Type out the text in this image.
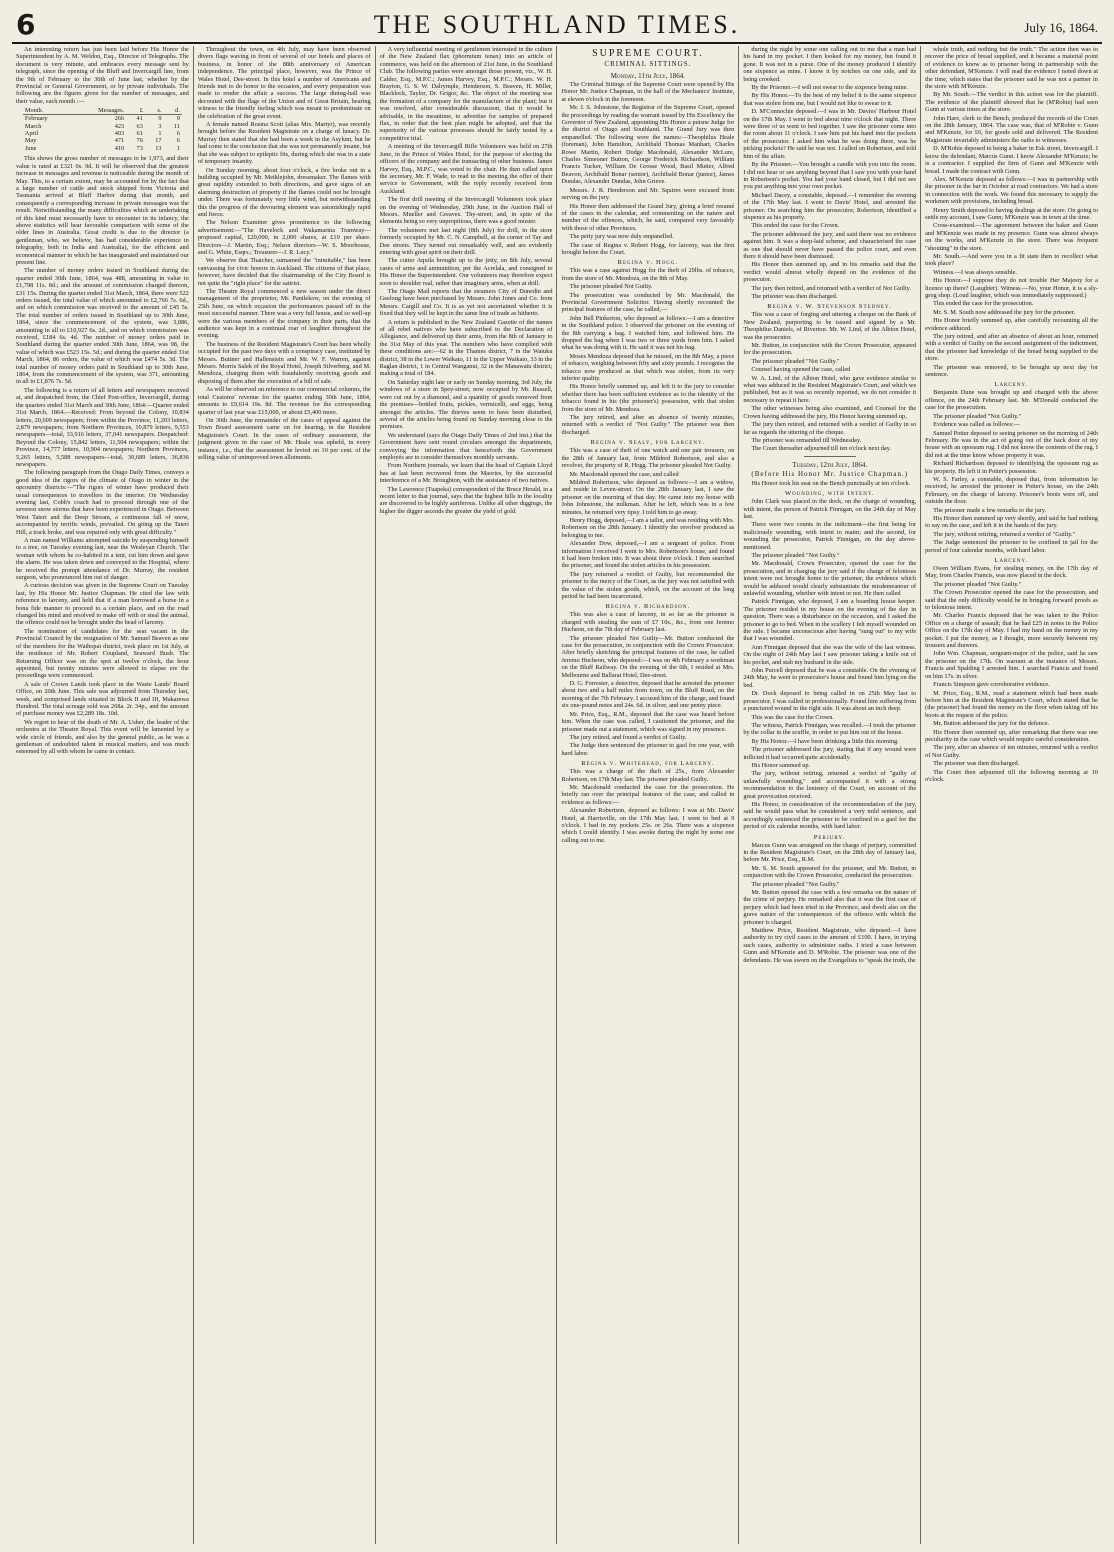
6	THE SOUTHLAND TIMES.	July 16, 1864.

An interesting return has just been laid before His Honor the Superintendent by A. M. Weldon, Esq., Director of Telegraphs. The document is very minute, and embraces every message sent by telegraph, since the opening of the Bluff and Invercargill line, from the 9th of February to the 30th of June last, whether by the Provincial or General Government, or by private individuals. The following are the figures given for the number of messages, and their value, each month :—

Month.	Messages.	£	s.	d.
February	266	41	9	9
March	423	63	3	11
April	403	61	1	6
May	471	76	17	6
June	410	73	13	1

This shows the gross number of messages to be 1,973, and their value is rated at £321 0s. 9d. It will be observed that the greatest increase in messages and revenue is noticeable during the month of May. This, to a certain extent, may be accounted for by the fact that a large number of cattle and stock shipped from Victoria and Tasmania arrived at Bluff Harbor during that month, and consequently a corresponding increase in private messages was the result. Notwithstanding the many difficulties which an undertaking of this kind must necessarily have to encounter in its infancy, the above statistics will bear favorable comparison with some of the older lines in Australia. Great credit is due to the director (a gentleman, who, we believe, has had considerable experience in telegraphy, both in India and Australia), for the efficient and economical manner in which he has inaugurated and maintained our present line.

The number of money orders issued in Southland during the quarter ended 30th June, 1864, was 488, amounting in value to £1,798 11s. 8d.; and the amount of commission charged thereon, £31 15s. During the quarter ended 31st March, 1864, there were 522 orders issued, the total value of which amounted to £2,766 7s. 6d., and on which commission was received to the amount of £45 5s. The total number of orders issued in Southland up to 30th June, 1864, since the commencement of the system, was 3,086, amounting in all to £10,927 6s. 2d., and on which commission was received, £184 6s. 4d. The number of money orders paid in Southland during the quarter ended 30th June, 1864, was 98, the value of which was £523 15s. 5d.; and during the quarter ended 31st March, 1864, 86 orders, the value of which was £474 5s. 3d. The total number of money orders paid in Southland up to 30th June, 1864, from the commencement of the system, was 371, amounting in all to £1,876 7s. 5d.

The following is a return of all letters and newspapers received at, and despatched from, the Chief Post-office, Invercargill, during the quarters ended 31st March and 30th June, 1864:—Quarter ended 31st March, 1864.—Received: From beyond the Colony, 10,834 letters, 20,609 newspapers; from within the Province, 11,203 letters, 2,879 newspapers; from Northern Provinces, 10,879 letters, 9,553 newspapers—total, 33,916 letters, 37,041 newspapers. Despatched: Beyond the Colony, 15,842 letters, 11,504 newspapers; within the Province, 14,777 letters, 10,904 newspapers; Northern Provinces, 5,265 letters, 5,588 newspapers—total, 30,689 letters, 36,836 newspapers.

The following paragraph from the Otago Daily Times, conveys a good idea of the rigors of the climate of Otago in winter in the upcountry districts:—"The rigors of winter have produced their usual consequences to travellers in the interior. On Wednesday evening last, Cobb's coach had to proceed through one of the severest snow storms that have been experienced in Otago. Between West Taieri and the Deep Stream, a continuous fall of snow, accompanied by terrific winds, prevailed. On going up the Taieri Hill, a track broke, and was repaired only with great difficulty."

A man named Williams attempted suicide by suspending himself to a tree, on Tuesday evening last, near the Wesleyan Church. The woman with whom he co-habited in a tent, cut him down and gave the alarm. He was taken down and conveyed to the Hospital, where he received the prompt attendance of Dr. Murray, the resident surgeon, who pronounced him out of danger.

A curious decision was given in the Supreme Court on Tuesday last, by His Honor Mr. Justice Chapman. He cited the law with reference to larceny, and held that if a man borrowed a horse in a bona fide manner to proceed to a certain place, and on the road changed his mind and resolved to make off with or steal the animal, the offence could not be brought under the head of larceny.

The nomination of candidates for the seat vacant in the Provincial Council by the resignation of Mr. Samuel Beaven as one of the members for the Waihopai district, took place on 1st July, at the residence of Mr. Robert Coupland, Seaward Bush. The Returning Officer was on the spot at twelve o'clock, the hour appointed, but twenty minutes were allowed to elapse ere the proceedings were commenced.

A sale of Crown Lands took place in the Waste Lands' Board Office, on 20th June. This sale was adjourned from Thursday last, week, and comprised lands situated in Block II and III, Makarewa Hundred. The total acreage sold was 268a. 2r. 34p., and the amount of purchase money was £2,289 18s. 10d.

We regret to hear of the death of Mr. A. Usher, the leader of the orchestra at the Theatre Royal. This event will be lamented by a wide circle of friends, and also by the general public, as he was a gentleman of undoubted talent in musical matters, and was much esteemed by all with whom he came in contact.

Throughout the town, on 4th July, may have been observed divers flags waving in front of several of our hotels and places of business, in honor of the 88th anniversary of American independence. The principal place, however, was the Prince of Wales Hotel, Dee-street. In this hotel a number of Americans and friends met to do honor to the occasion, and every preparation was made to render the affair a success. The large dining-hall was decorated with the flags of the Union and of Great Britain, bearing witness to the friendly feeling which was meant to predominate on the celebration of the great event.

A female named Rosina Scott (alias Mrs. Martyr), was recently brought before the Resident Magistrate on a charge of lunacy. Dr. Murray then stated that she had been a week in the Asylum, but he had come to the conclusion that she was not permanently insane, but that she was subject to epileptic fits, during which she was in a state of temporary insanity.

On Sunday morning, about four o'clock, a fire broke out in a building occupied by Mr. Meiklejohn, dressmaker. The flames with great rapidity extended to both directions, and gave signs of an alarming destruction of property if the flames could not be brought under. There was fortunately very little wind, but notwithstanding this the progress of the devouring element was astonishingly rapid and fierce.

The Nelson Examiner gives prominence to the following advertisement:—"The Havelock and Wakamarina Tramway—proposed capital, £20,000, in 2,000 shares, at £10 per share. Directors—J. Martin, Esq.; Nelson directors—W. S. Moorhouse, and G. White, Esqrs.; Treasurer—J. R. Lucy."

We observe that Thatcher, surnamed the "inimitable," has been canvassing for civic honors in Auckland. The citizens of that place, however, have decided that the chairmanship of the City Board is not quite the "right place" for the satirist.

The Theatre Royal commenced a new season under the direct management of the proprietor, Mr. Pantlekow, on the evening of 25th June, on which occasion the performances passed off in the most successful manner. There was a very full house, and so well-up were the various members of the company in their parts, that the audience was kept in a continual roar of laughter throughout the evening.

The business of the Resident Magistrate's Court has been wholly occupied for the past two days with a conspiracy case, instituted by Messrs. Buttner and Hallenstein and Mr. W. F. Warren, against Messrs. Morris Salek of the Royal Hotel, Joseph Silverberg, and M. Mendoza, charging them with fraudulently receiving goods and disposing of them after the execution of a bill of sale.

As will be observed on reference to our commercial columns, the total Customs' revenue for the quarter ending 30th June, 1864, amounts to £9,614 19s. 8d. The revenue for the corresponding quarter of last year was £15,000, or about £5,400 more.

On 30th June, the remainder of the cases of appeal against the Town Board assessment came on for hearing, in the Resident Magistrate's Court. In the cases of ordinary assessment, the judgment given in the case of Mr. Heale was upheld, in every instance, i.e., that the assessment be levied on 10 per cent. of the selling value of unimproved town allotments.

A very influential meeting of gentlemen interested in the culture of the New Zealand flax (phormium tenax) into an article of commerce, was held on the afternoon of 21st June, in the Southland Club. The following parties were amongst those present, viz., W. H. Calder, Esq., M.P.C.; James Harvey, Esq., M.P.C.; Messrs. W. H. Brayton, G. S. W. Dalrymple, Henderson, S. Beaven, H. Miller, Blacklock, Taylor, Dr. Grigor, &c. The object of the meeting was the formation of a company for the manufacture of the plant; but it was resolved, after considerable discussion, that it would be advisable, in the meantime, to advertise for samples of prepared flax, in order that the best plan might be adopted, and that the superiority of the various processes should be fairly tested by a competitive trial.

A meeting of the Invercargill Rifle Volunteers was held on 27th June, in the Prince of Wales Hotel, for the purpose of electing the officers of the company and the transacting of other business. James Harvey, Esq., M.P.C., was voted to the chair. He then called upon the secretary, Mr. F. Wade, to read to the meeting the offer of their service to Government, with the reply recently received from Auckland.

The first drill meeting of the Invercargill Volunteers took place on the evening of Wednesday, 29th June, in the Auction Hall of Messrs. Mueller and Greaves. Thy-street; and, in spite of the elements being so very unpropitious, there was a good muster.

The volunteers met last night (8th July) for drill, in the store formerly occupied by Mr. C. N. Campbell, at the corner of Tay and Dee streets. They turned out remarkably well, and are evidently entering with great spirit on their drill.

The cutter Aquila brought up to the jetty, on 8th July, several cases of arms and ammunition, per the Acrelala, and consigned to His Honor the Superintendent. Our volunteers may therefore expect soon to shoulder real, rather than imaginary arms, when at drill.

The Otago Mail reports that the steamers City of Dunedin and Geelong have been purchased by Messrs. John Jones and Co. from Messrs. Cargill and Co. It is as yet not ascertained whether it is fixed that they will be kept in the same line of trade as hitherto.

A return is published in the New Zealand Gazette of the names of all rebel natives who have subscribed to the Declaration of Allegiance, and delivered up their arms, from the 8th of January to the 31st May of this year. The numbers who have complied with these conditions are:—62 in the Thames district, 7 in the Waiuku district, 38 in the Lower Waikato, 11 in the Upper Waikato, 33 in the Raglan district, 1 in Central Wanganui, 32 in the Manawatu district; making a total of 184.

On Saturday night late or early on Sunday morning, 3rd July, the windows of a store in Spey-street, now occupied by Mr. Russell, were cut out by a diamond, and a quantity of goods removed from the premises—bottled fruits, pickles, vermicelli, and eggs, being amongst the articles. The thieves seem to have been disturbed, several of the articles being found on Sunday morning close to the premises.

We understand (says the Otago Daily Times of 2nd inst.) that the Government have sent round circulars amongst the departments, conveying the information that henceforth the Government employés are to consider themselves monthly servants.

From Northern journals, we learn that the head of Captain Lloyd has at last been recovered from the Maories, by the successful interference of a Mr. Broughton, with the assistance of two natives.

The Lawrence (Tuapeka) correspondent of the Bruce Herald, in a recent letter to that journal, says that the highest hills in the locality are discovered to be highly auriferous. Unlike all other diggings, the higher the digger ascends the greater the yield of gold.

SUPREME COURT.
CRIMINAL SITTINGS.
Monday, 11th July, 1864.

The Criminal Sittings of the Supreme Court were opened by His Honor Mr. Justice Chapman, in the hall of the Mechanics' Institute, at eleven o'clock in the forenoon.

Mr. J. S. Johnstone, the Registrar of the Supreme Court, opened the proceedings by reading the warrant issued by His Excellency the Governor of New Zealand, appointing His Honor a puisne Judge for the district of Otago and Southland. The Grand Jury was then empanelled. The following were the names:—Theophilus Heale (foreman), John Hamilton, Archibald Thomas Manhart, Charles Rowe Martin, Robert Dodge Macdonald, Alexander McLure, Charles Simeoner Button, George Frederick Richardson, William Francis Tucker, William De Grosse Wood, Basil Mutter, Alfred Beavon, Archibald Bonar (senior), Archibald Bonar (junior), James Dundas, Alexander Dundas, John Grieve.

Messrs. J. R. Henderson and Mr. Squires were excused from serving on the jury.

His Honor then addressed the Grand Jury, giving a brief resumé of the cases in the calendar, and commenting on the nature and number of the offences, which, he said, compared very favorably with those of other Provinces.

The petty jury was now duly empanelled.

The case of Regina v. Robert Hogg, for larceny, was the first brought before the Court.

Regina v. Hogg.

This was a case against Hogg for the theft of 29lbs. of tobacco, from the store of Mr. Mendoza, on the 8th of May.

The prisoner pleaded Not Guilty.

The prosecution was conducted by Mr. Macdonald, the Provincial Government Solicitor. Having shortly recounted the principal features of the case, he called,—

John Bell Pinkerton, who deposed as follows:—I am a detective in the Southland police. I observed the prisoner on the evening of the 8th carrying a bag. I watched him, and followed him. He dropped the bag when I was two or three yards from him. I asked what he was doing with it. He said it was not his bag.

Moses Mendoza deposed that he missed, on the 8th May, a piece of tobacco, weighing between fifty and sixty pounds. I recognise the tobacco now produced as that which was stolen, from its very inferior quality.

His Honor briefly summed up, and left it to the jury to consider whether there has been sufficient evidence as to the identity of the tobacco found in his (the prisoner's) possession, with that stolen from the store of Mr. Mendoza.

The jury retired, and after an absence of twenty minutes, returned with a verdict of "Not Guilty." The prisoner was then discharged.

Regina v. Sealy, for Larceny.

This was a case of theft of one watch and one pair trousers, on the 28th of January last, from Mildred Robertson, and also a revolver, the property of R. Hogg. The prisoner pleaded Not Guilty.

Mr. Macdonald opened the case, and called

Mildred Robertson, who deposed as follows:—I am a widow, and reside in Leven-street. On the 28th January last, I saw the prisoner on the morning of that day. He came into my house with John Johnstone, the milkman. After he left, which was in a few minutes, he returned very tipsy. I told him to go away.

Henry Hogg, deposed,—I am a tailor, and was residing with Mrs. Robertson on the 28th January. I identify the revolver produced as belonging to me.

Alexander Dow, deposed,—I am a sergeant of police. From information I received I went to Mrs. Robertson's house, and found it had been broken into. It was about three o'clock. I then searched the prisoner, and found the stolen articles in his possession.

The jury returned a verdict of Guilty, but recommended the prisoner to the mercy of the Court, as the jury was not satisfied with the value of the stolen goods, which, on the account of the long period he had been incarcerated.

Regina v. Richardson.

This was also a case of larceny, in so far as the prisoner is charged with stealing the sum of £7 10s., &c., from one Jeremo Hucheon, on the 7th day of February last.

The prisoner pleaded Not Guilty—Mr. Button conducted the case for the prosecution, in conjunction with the Crown Prosecutor. After briefly sketching the principal features of the case, he called Jeremo Hucheon, who deposed:—I was on 4th February a workman on the Bluff Railway. On the evening of the 6th, I resided at Mrs. Melbourne and Ballarat Hotel, Dee-street.

D. G. Forrester, a detective, deposed that he arrested the prisoner about two and a half miles from town, on the Bluff Road, on the morning of the 7th February. I accused him of the charge, and found six one-pound notes and 24s. 6d. in silver, and one penny piece.

Mr. Price, Esq., R.M., deposed that the case was heard before him. When the case was called, I cautioned the prisoner, and the prisoner made out a statement, which was signed in my presence.

The jury retired, and found a verdict of Guilty.

The Judge then sentenced the prisoner to gaol for one year, with hard labor.

Regina v. Whitehead, for Larceny.

This was a charge of the theft of 25s., from Alexander Robertson, on 17th May last. The prisoner pleaded Guilty.

Mr. Macdonald conducted the case for the prosecution. He briefly ran over the principal features of the case, and called in evidence as follows:—

Alexander Robertson, deposed as follows: I was at Mr. Davis' Hotel, at Harrisville, on the 17th May last. I went to bed at 9 o'clock. I had in my pockets 25s. or 26s. There was a sixpence which I could identify. I was awoke during the night by some one calling out to me.

during the night by some one calling out to me that a man had his hand in my pocket. I then looked for my money, but found it gone. It was not in a purse. One of the money produced I identify one sixpence as mine. I know it by notches on one side, and its being crooked.

By the Prisoner.—I will not swear to the sixpence being mine.

By His Honor.—To the best of my belief it is the same sixpence that was stolen from me, but I would not like to swear to it.

D. M'Connochie deposed.—I was in Mr. Davies' Harbour Hotel on the 17th May. I went to bed about nine o'clock that night. There were three of us went to bed together. I saw the prisoner come into the room about 11 o'clock. I saw him put his hand into the pockets of the prosecutor. I asked him what he was doing there, was he picking pockets? He said he was not. I called on Robertson, and told him of the affair.

By the Prisoner.—You brought a candle with you into the room. I did not hear or see anything beyond that I saw you with your hand in Robertson's pocket. You had your hand closed, but I did not see you put anything into your own pocket.

Michael Dacey, a constable, deposed.—I remember the evening of the 17th May last. I went to Davis' Hotel, and arrested the prisoner. On searching him the prosecutor, Robertson, identified a sixpence as his property.

This ended the case for the Crown.

The prisoner addressed the jury, and said there was no evidence against him. It was a deep-laid scheme, and characterised the case as one that should never have passed the police court, and even there it should have been dismissed.

His Honor then summed up, and in his remarks said that the verdict would almost wholly depend on the evidence of the prosecutor.

The jury then retired, and returned with a verdict of Not Guilty.

The prisoner was then discharged.

Regina v. W. Stevenson Stedney.

This was a case of forging and uttering a cheque on the Bank of New Zealand, purporting to be issued and signed by a Mr. Theophilus Daniels, of Riverton. Mr. W. Lind, of the Albion Hotel, was the prosecutor.

Mr. Button, in conjunction with the Crown Prosecutor, appeared for the prosecution.

The prisoner pleaded "Not Guilty."

Counsel having opened the case, called

W. A. Lind, of the Albion Hotel, who gave evidence similar to what was adduced in the Resident Magistrate's Court, and which we published, but as it was so recently reported, we do not consider it necessary to repeat it here.

The other witnesses being also examined, and Counsel for the Crown having addressed the jury, His Honor having summed up,

The jury then retired, and returned with a verdict of Guilty in so far as regards the uttering of the cheque.

The prisoner was remanded till Wednesday.

The Court thereafter adjourned till ten o'clock next day.

Tuesday, 12th July, 1864.
(Before His Honor Mr. Justice Chapman.)

His Honor took his seat on the Bench punctually at ten o'clock.

Wounding, with Intent.

John Clark was placed in the dock, on the charge of wounding, with intent, the person of Patrick Finnigan, on the 24th day of May last.

There were two counts in the indictment—the first being for maliciously wounding, with intent to maim; and the second, for wounding the prosecutor, Patrick Finnigan, on the day above-mentioned.

The prisoner pleaded "Not Guilty."

Mr. Macdonald, Crown Prosecutor, opened the case for the prosecution, and in charging the jury said if the charge of felonious intent were not brought home to the prisoner, the evidence which would be adduced would clearly substantiate the misdemeanour of unlawful wounding, whether with intent or not. He then called

Patrick Finnigan, who deposed, I am a boarding house keeper. The prisoner resided in my house on the evening of the day in question. There was a disturbance on the occasion, and I asked the prisoner to go to bed. When in the scullery I felt myself wounded on the side. I became unconscious after having "sung out" to my wife that I was wounded.

Ann Finnigan deposed that she was the wife of the last witness. On the night of 24th May last I saw prisoner taking a knife out of his pocket, and stab my husband in the side.

John Purcell deposed that he was a constable. On the evening of 24th May, he went to prosecutor's house and found him lying on the bed.

Dr. Dock deposed to being called in on 25th May last to prosecutor. I was called in professionally. Found him suffering from a punctured wound in the right side. It was about an inch deep.

This was the case for the Crown.

The witness, Patrick Finnigan, was recalled.—I took the prisoner by the collar in the scuffle, in order to put him out of the house.

By His Honor.—I have been drinking a little this morning.

The prisoner addressed the jury, stating that if any wound were inflicted it had occurred quite accidentally.

His Honor summed up.

The jury, without retiring, returned a verdict of "guilty of unlawfully wounding," and accompanied it with a strong recommendation to the leniency of the Court, on account of the great provocation received.

His Honor, in consideration of the recommendation of the jury, said he would pass what he considered a very mild sentence, and accordingly sentenced the prisoner to be confined in a gaol for the period of six calendar months, with hard labor.

Perjury.

Marcus Gunn was arraigned on the charge of perjury, committed in the Resident Magistrate's Court, on the 28th day of January last, before Mr. Price, Esq., R.M.

Mr. S. M. South appeared for the prisoner, and Mr. Button, in conjunction with the Crown Prosecutor, conducted the prosecution.

The prisoner pleaded "Not Guilty."

Mr. Button opened the case with a few remarks on the nature of the crime of perjury. He remarked also that it was the first case of perjury which had been tried in the Province, and dwelt also on the grave nature of the consequences of the offence with which the prisoner is charged.

Matthew Price, Resident Magistrate, who deposed.—I have authority to try civil cases to the amount of £100. I have, in trying such cases, authority to administer oaths. I tried a case between Gunn and M'Kenzie and D. M'Robie. The prisoner was one of the defendants. He was sworn on the Evangelists to "speak the truth, the

whole truth, and nothing but the truth." The action then was to recover the price of bread supplied, and it became a material point of evidence to know as to prisoner being in partnership with the other defendant, M'Kenzie. I will read the evidence I noted down at the time, which states that the prisoner said he was not a partner in the store with M'Kenzie.

By Mr. South.—The verdict in this action was for the plaintiff. The evidence of the plaintiff showed that he (M'Robie) had seen Gunn at various times at the store.

John Hare, clerk to the Bench, produced the records of the Court on the 28th January, 1864. The case was, that of M'Robie v. Gunn and M'Kenzie, for £6, for goods sold and delivered. The Resident Magistrate invariably administers the oaths to witnesses.

D. M'Robie deposed to being a baker in Esk street, Invercargill. I know the defendant, Marcus Gunn. I know Alexander M'Kenzie; he is a contractor. I supplied the firm of Gunn and M'Kenzie with bread. I made the contract with Gunn.

Alex. M'Kenzie deposed as follows:—I was in partnership with the prisoner in the bar in October at road contractors. We had a store in connection with the work. We found this necessary to supply the workmen with provisions, including bread.

Henry Smith deposed to having dealings at the store. On going to settle my account, I saw Gunn; M'Kenzie was in town at the time.

Cross-examined.—The agreement between the baker and Gunn and M'Kenzie was made in my presence. Gunn was almost always on the works, and M'Kenzie in the store. There was frequent "shouting" in the store.

Mr. South.—And were you in a fit state then to recollect what took place?

Witness.—I was always sensible.

His Honor.—I suppose they do not trouble Her Majesty for a licence up there? (Laughter). Witness.—No, your Honor, it is a sly-grog shop. (Loud laughter, which was immediately suppressed.)

This ended the case for the prosecution.

Mr. S. M. South now addressed the jury for the prisoner.

His Honor briefly summed up, after carefully recounting all the evidence adduced.

The jury retired, and after an absence of about an hour, returned with a verdict of Guilty on the second assignment of the indictment, that the prisoner had knowledge of the bread being supplied to the store.

The prisoner was removed, to be brought up next day for sentence.

Larceny.

Benjamin Dune was brought up and charged with the above offence, on the 24th February last. Mr. M'Donald conducted the case for the prosecution.

The prisoner pleaded "Not Guilty."

Evidence was called as follows:—

Samuel Potter deposed to seeing prisoner on the morning of 24th February. He was in the act of going out of the back door of my house with an opossum rug. I did not know the contents of the rug. I did not at the time know whose property it was.

Richard Richardson deposed to identifying the opossum rug as his property. He left it in Potter's possession.

W. S. Farley, a constable, deposed that, from information he received, he arrested the prisoner in Potter's house, on the 24th February, on the charge of larceny. Prisoner's boots were off, and outside the door.

The prisoner made a few remarks to the jury.

His Honor then summed up very shortly, and said he had nothing to say on the case, and left it in the hands of the jury.

The jury, without retiring, returned a verdict of "Guilty."

The Judge sentenced the prisoner to be confined in jail for the period of four calendar months, with hard labor.

Larceny.

Owen William Evans, for stealing money, on the 17th day of May, from Charles Francis, was now placed in the dock.

The prisoner pleaded "Not Guilty."

The Crown Prosecutor opened the case for the prosecution, and said that the only difficulty would be in bringing forward proofs as to felonious intent.

Mr. Charles Francis deposed that he was taken to the Police Office on a charge of assault; that he had £25 in notes in the Police Office on the 17th day of May. I had my hand on the money in my pocket. I put the money, as I thought, more securely between my trousers and drawers.

John Wm. Chapman, sergeant-major of the police, said he saw the prisoner on the 17th. On warrant at the instance of Messrs. Francis and Spalding I arrested him. I searched Francis and found on him 17s. in silver.

Francis Simpson gave corroborative evidence.

M. Price, Esq., R.M., read a statement which had been made before him at the Resident Magistrate's Court, which stated that he (the prisoner) had found the money on the floor when taking off his boots at the request of the police.

Mr. Button addressed the jury for the defence.

His Honor then summed up, after remarking that there was one peculiarity in the case which would require careful consideration.

The jury, after an absence of ten minutes, returned with a verdict of Not Guilty.

The prisoner was then discharged.

The Court then adjourned till the following morning at 10 o'clock.
